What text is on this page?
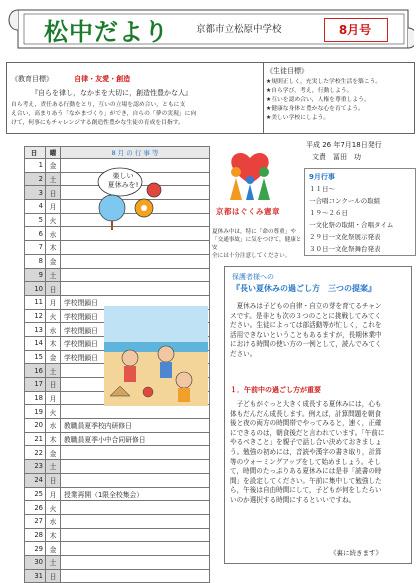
松中だより	京都市立松原中学校	8月号
《教育目標》	自律・友愛・創造
『自らを律し，なかまを大切に，創造性豊かな人』
自ら考え，責任ある行動をとり，互いの立場を認め合い，ともに支
え合い，高まりあう「なかまづくり」ができ，自らの「夢の実現」に向
けて，何事にもチャレンジする創造性豊かな生徒の育成を目指す。
《生徒目標》
★規則正しく，充実した学校生活を築こう。
★自ら学び，考え，行動しよう。
★互いを認め合い，人権を尊重しよう。
★健康な身体と豊かな心を育てよう。
★美しい学校にしよう。
日	曜	8 月 の 行 事 等
1	金	
2	土	
3	日	
4	月	
5	火	
6	水	
7	木	
8	金	
9	土	
10	日	
11	月	学校閉鎖日
12	火	学校閉鎖日
13	水	学校閉鎖日
14	木	学校閉鎖日
15	金	学校閉鎖日
16	土	
17	日	
18	月	
19	火	
20	水	教職員夏季校内研修日
21	木	教職員夏季小中合同研修日
22	金	
23	土	
24	日	
25	月	授業再開（1限全校集会）
26	火	
27	水	
28	木	
29	金	
30	土	
31	日	
楽しい
夏休みを!
京都はぐくみ憲章
夏休み中は，特に「命の尊重」や
「交通事故」に気をつけて，健康と安
全には十分注意してください。
平成 26 年7月18日発行
文責　冨田　功
9月行事
１１日～
一合唱コンクールの取組
１９～２６日
一文化祭の取組・合唱タイム
２９日一文化祭展示発表
３０日一文化祭舞台発表
保護者様への
『長い夏休みの過ごし方　三つの提案』
　夏休みは子どもの自律・自立の芽を育てるチャン
スです。是非とも次の３つのことに挑戦してみてく
ださい。生徒によっては部活動等が忙しく，これを
活用できないということもあるますが，長期休業中
における時間の使い方の一例として，読んでみてく
ださい。
１．午前中の過ごし方が重要
　子どもがぐっと大きく成長する夏休みには，心も
体もだんだん成長します。例えば，計算問題を朝食
後と夜の両方の時間帯でやってみると，速く，正確
にできるのは，朝食後だと言われています。「午前に
やるべきこと」を親子で話し合い決めておきましょ
う。勉強の初めには，音読や漢字の書き取り，計算
等のウォーミングアップをして始めましょう。そし
て，時間のたっぷりある夏休みには是非「読書の時
間」を設定してください。午前に集中して勉強した
ら，午後は自由時間にして，子どもが何をしたらい
いのか選択する時間にするといいですね。
《裏に続きます》
